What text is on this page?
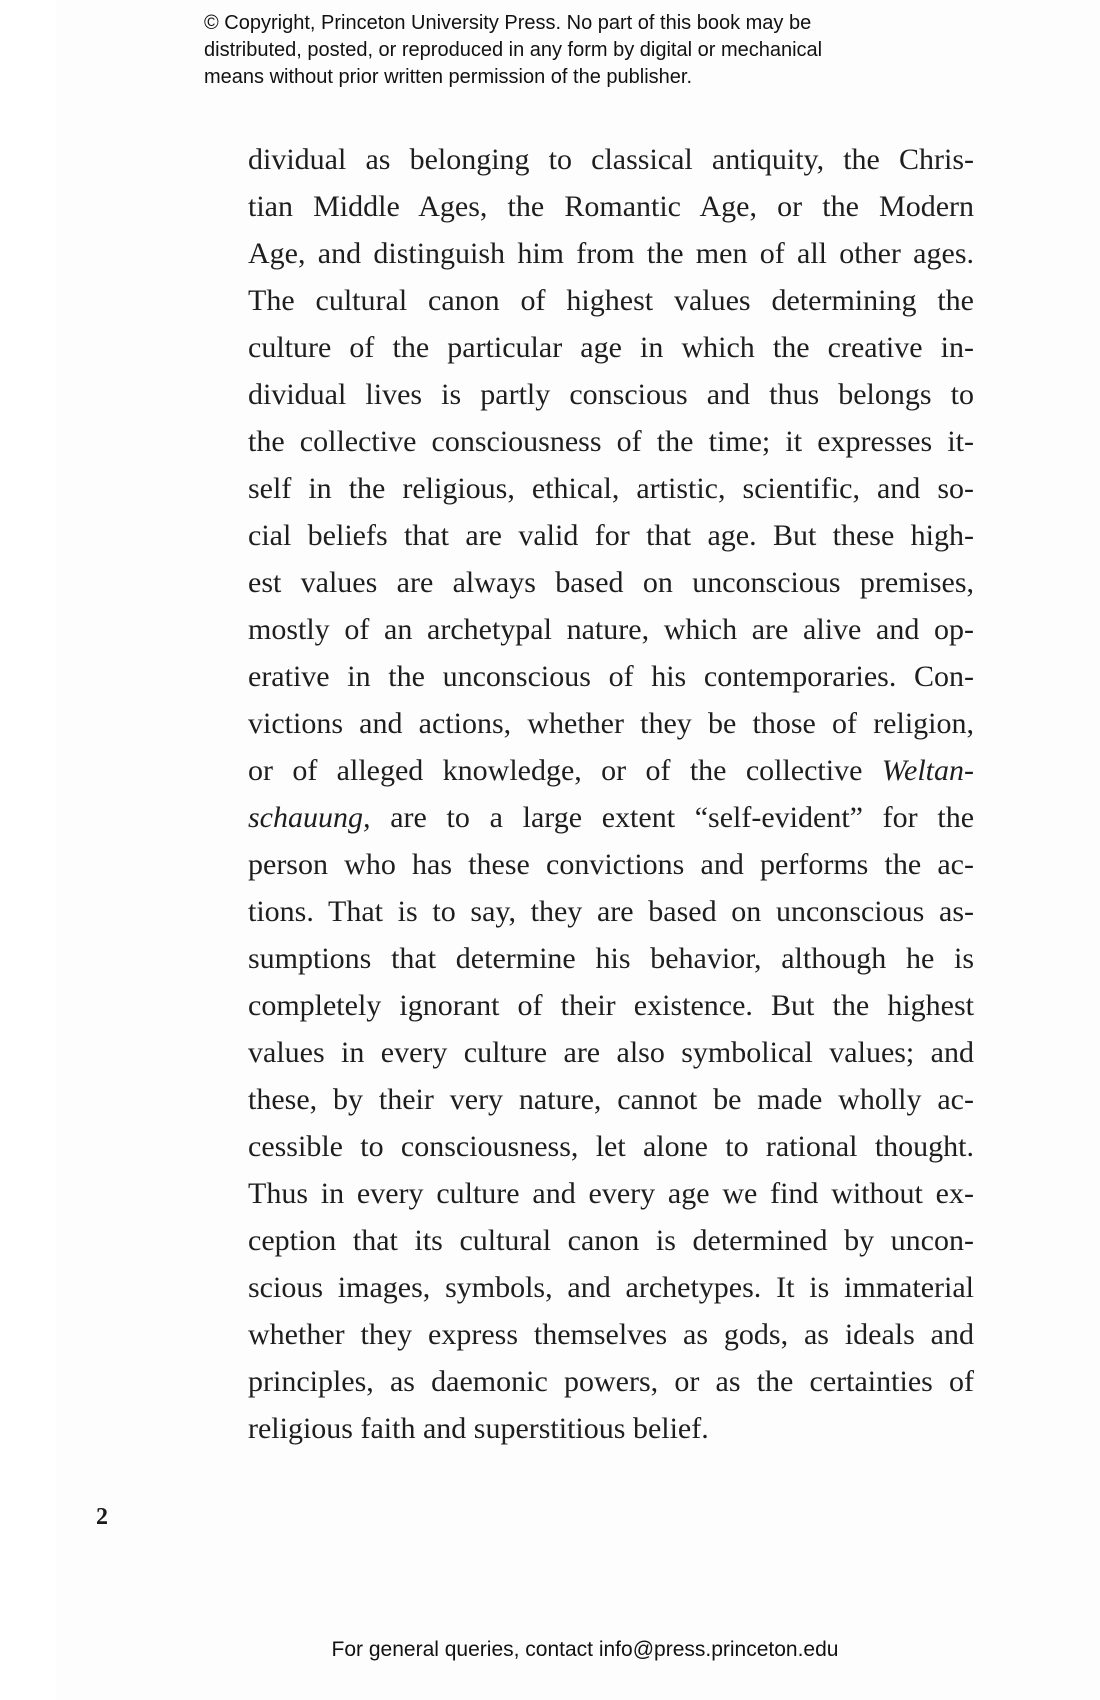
© Copyright, Princeton University Press. No part of this book may be
distributed, posted, or reproduced in any form by digital or mechanical
means without prior written permission of the publisher.
dividual as belonging to classical antiquity, the Chris-
tian Middle Ages, the Romantic Age, or the Modern
Age, and distinguish him from the men of all other ages.
The cultural canon of highest values determining the
culture of the particular age in which the creative in-
dividual lives is partly conscious and thus belongs to
the collective consciousness of the time; it expresses it-
self in the religious, ethical, artistic, scientific, and so-
cial beliefs that are valid for that age. But these high-
est values are always based on unconscious premises,
mostly of an archetypal nature, which are alive and op-
erative in the unconscious of his contemporaries. Con-
victions and actions, whether they be those of religion,
or of alleged knowledge, or of the collective Weltan-
schauung, are to a large extent “self-evident” for the
person who has these convictions and performs the ac-
tions. That is to say, they are based on unconscious as-
sumptions that determine his behavior, although he is
completely ignorant of their existence. But the highest
values in every culture are also symbolical values; and
these, by their very nature, cannot be made wholly ac-
cessible to consciousness, let alone to rational thought.
Thus in every culture and every age we find without ex-
ception that its cultural canon is determined by uncon-
scious images, symbols, and archetypes. It is immaterial
whether they express themselves as gods, as ideals and
principles, as daemonic powers, or as the certainties of
religious faith and superstitious belief.
2
For general queries, contact info@press.princeton.edu
